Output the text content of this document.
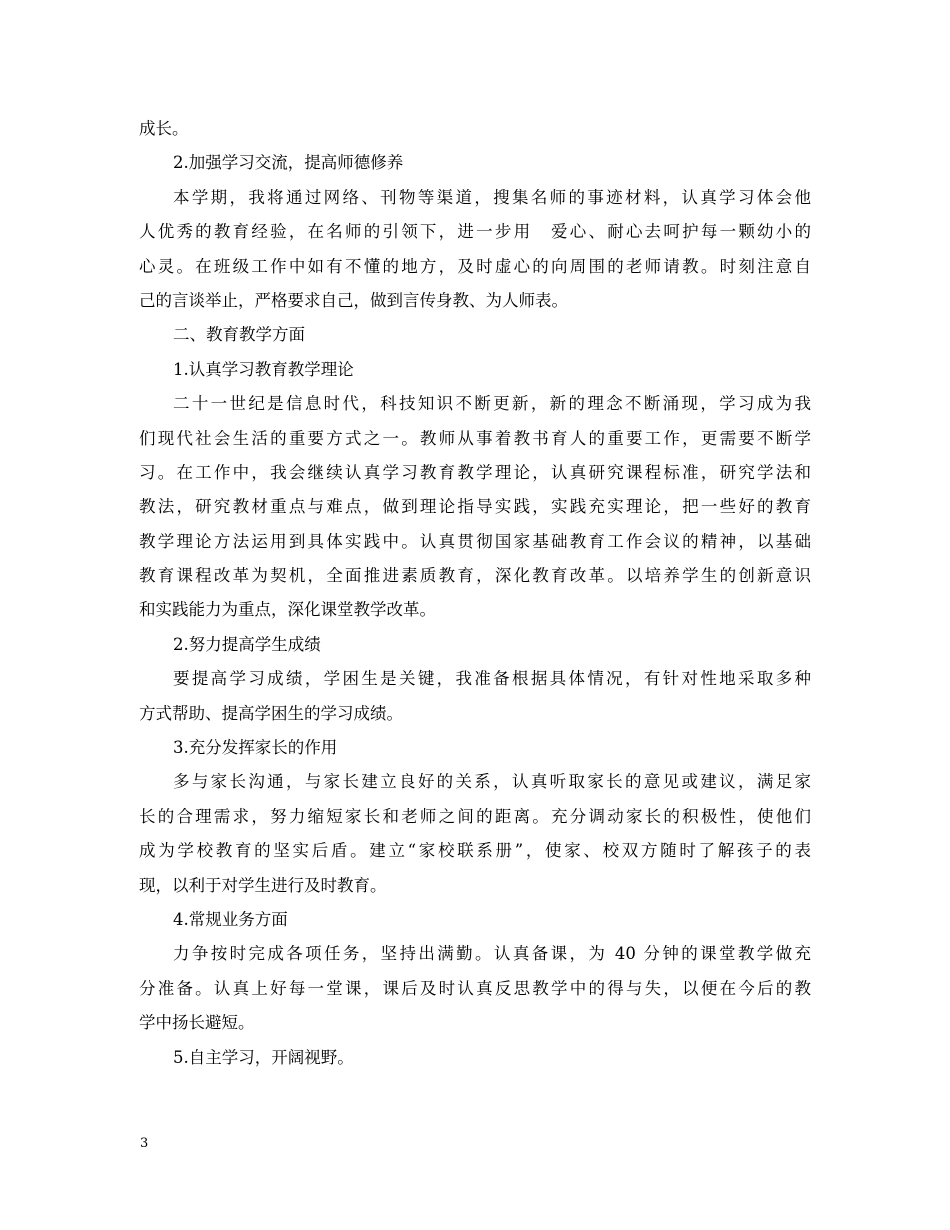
成长。

2.加强学习交流，提高师德修养

本学期，我将通过网络、刊物等渠道，搜集名师的事迹材料，认真学习体会他

人优秀的教育经验，在名师的引领下，进一步用　爱心、耐心去呵护每一颗幼小的

心灵。在班级工作中如有不懂的地方，及时虚心的向周围的老师请教。时刻注意自

己的言谈举止，严格要求自己，做到言传身教、为人师表。

二、教育教学方面

1.认真学习教育教学理论

二十一世纪是信息时代，科技知识不断更新，新的理念不断涌现，学习成为我

们现代社会生活的重要方式之一。教师从事着教书育人的重要工作，更需要不断学

习。在工作中，我会继续认真学习教育教学理论，认真研究课程标准，研究学法和

教法，研究教材重点与难点，做到理论指导实践，实践充实理论，把一些好的教育

教学理论方法运用到具体实践中。认真贯彻国家基础教育工作会议的精神，以基础

教育课程改革为契机，全面推进素质教育，深化教育改革。以培养学生的创新意识

和实践能力为重点，深化课堂教学改革。

2.努力提高学生成绩

要提高学习成绩，学困生是关键，我准备根据具体情况，有针对性地采取多种

方式帮助、提高学困生的学习成绩。

3.充分发挥家长的作用

多与家长沟通，与家长建立良好的关系，认真听取家长的意见或建议，满足家

长的合理需求，努力缩短家长和老师之间的距离。充分调动家长的积极性，使他们

成为学校教育的坚实后盾。建立“家校联系册”，使家、校双方随时了解孩子的表

现，以利于对学生进行及时教育。

4.常规业务方面

力争按时完成各项任务，坚持出满勤。认真备课，为 40 分钟的课堂教学做充

分准备。认真上好每一堂课，课后及时认真反思教学中的得与失，以便在今后的教

学中扬长避短。

5.自主学习，开阔视野。

3
